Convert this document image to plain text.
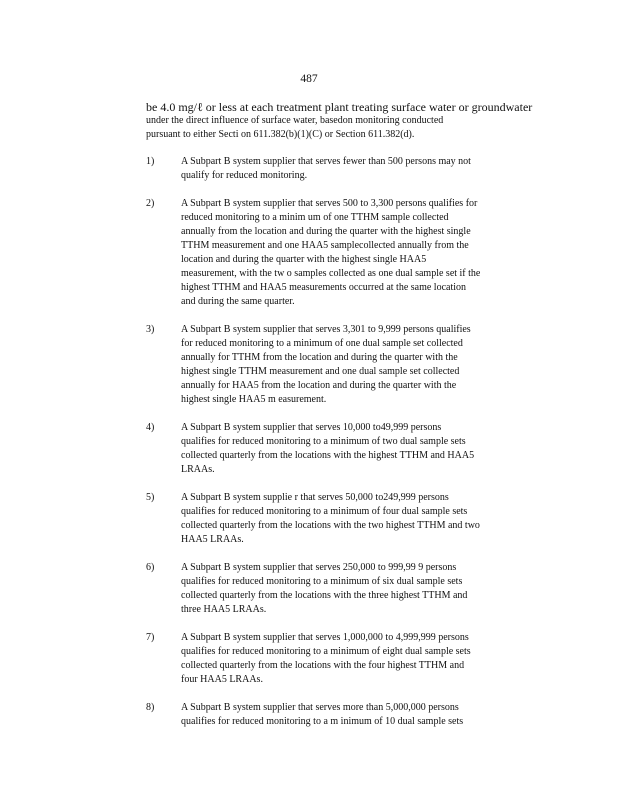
487
be 4.0 mg/ℓ or less at each treatment plant treating surface water or groundwater
under the direct influence of surface water, basedon monitoring conducted
pursuant to either Secti on 611.382(b)(1)(C) or Section 611.382(d).
1)	A Subpart B system supplier that serves fewer than 500 persons may not
qualify for reduced monitoring.
2)	A Subpart B system supplier that serves 500 to 3,300 persons qualifies for
reduced monitoring to a minim um of one TTHM sample collected
annually from the location and during the quarter with the highest single
TTHM measurement and one HAA5 samplecollected annually from the
location and during the quarter with the highest single HAA5
measurement, with the tw o samples collected as one dual sample set if the
highest TTHM and HAA5 measurements occurred at the same location
and during the same quarter.
3)	A Subpart B system supplier that serves 3,301 to 9,999 persons qualifies
for reduced monitoring to a minimum of one dual sample set collected
annually for TTHM from the location and during the quarter with the
highest single TTHM measurement and one dual sample set collected
annually for HAA5 from the location and during the quarter with the
highest single HAA5 m easurement.
4)	A Subpart B system supplier that serves 10,000 to49,999 persons
qualifies for reduced monitoring to a minimum of two dual sample sets
collected quarterly from the locations with the highest TTHM and HAA5
LRAAs.
5)	A Subpart B system supplie r that serves 50,000 to249,999 persons
qualifies for reduced monitoring to a minimum of four dual sample sets
collected quarterly from the locations with the two highest TTHM and two
HAA5 LRAAs.
6)	A Subpart B system supplier that serves 250,000 to 999,99 9 persons
qualifies for reduced monitoring to a minimum of six dual sample sets
collected quarterly from the locations with the three highest TTHM and
three HAA5 LRAAs.
7)	A Subpart B system supplier that serves 1,000,000 to 4,999,999 persons
qualifies for reduced monitoring to a minimum of eight dual sample sets
collected quarterly from the locations with the four highest TTHM and
four HAA5 LRAAs.
8)	A Subpart B system supplier that serves more than 5,000,000 persons
qualifies for reduced monitoring to a m inimum of 10 dual sample sets
